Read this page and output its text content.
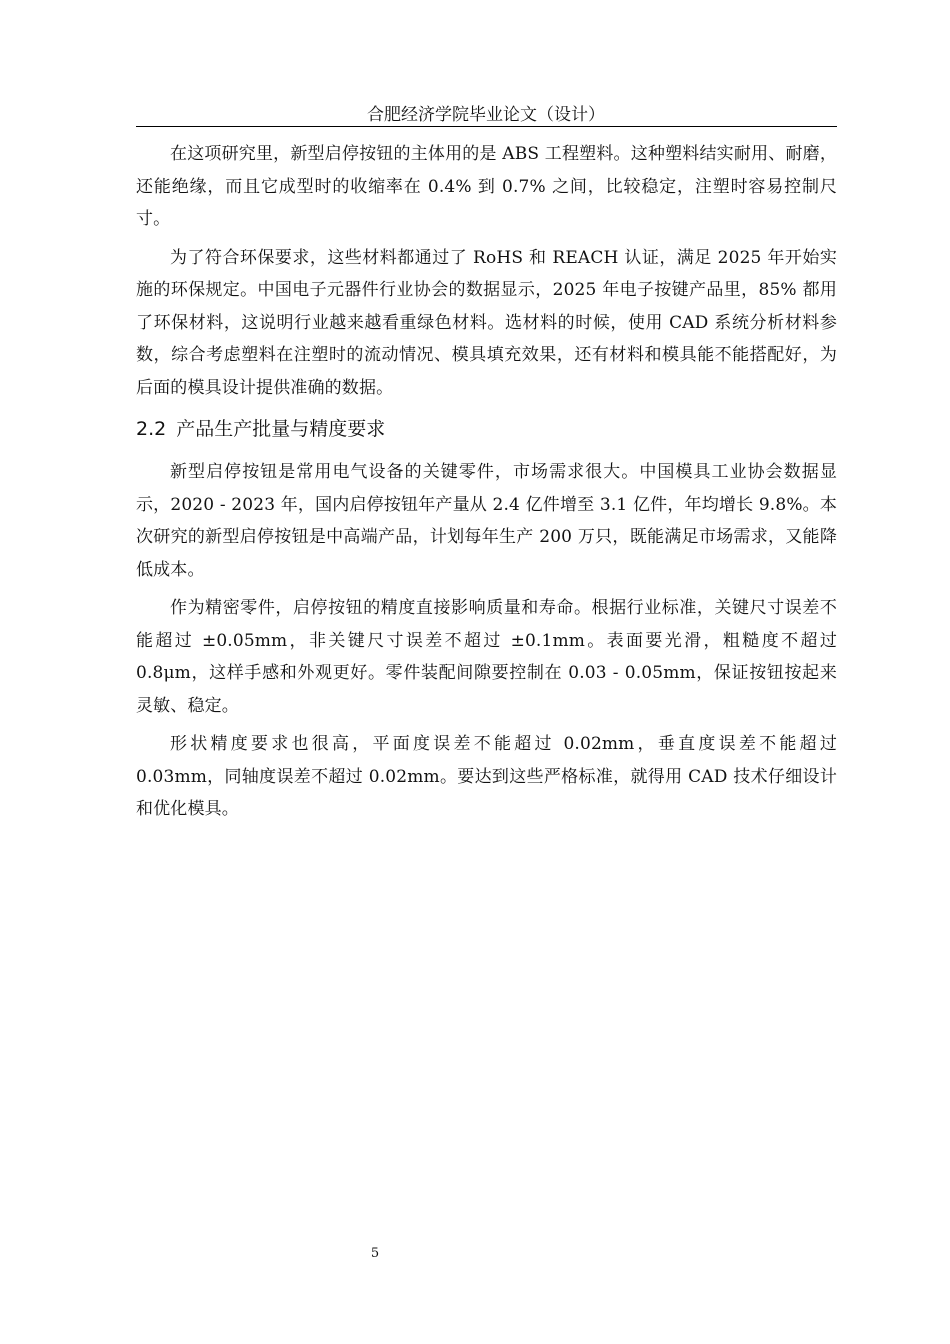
合肥经济学院毕业论文（设计）

在这项研究里，新型启停按钮的主体用的是 ABS 工程塑料。这种塑料结实耐用、耐磨，还能绝缘，而且它成型时的收缩率在 0.4% 到 0.7% 之间，比较稳定，注塑时容易控制尺寸。

为了符合环保要求，这些材料都通过了 RoHS 和 REACH 认证，满足 2025 年开始实施的环保规定。中国电子元器件行业协会的数据显示，2025 年电子按键产品里，85% 都用了环保材料，这说明行业越来越看重绿色材料。选材料的时候，使用 CAD 系统分析材料参数，综合考虑塑料在注塑时的流动情况、模具填充效果，还有材料和模具能不能搭配好，为后面的模具设计提供准确的数据。

2.2 产品生产批量与精度要求

新型启停按钮是常用电气设备的关键零件，市场需求很大。中国模具工业协会数据显示，2020 - 2023 年，国内启停按钮年产量从 2.4 亿件增至 3.1 亿件，年均增长 9.8%。本次研究的新型启停按钮是中高端产品，计划每年生产 200 万只，既能满足市场需求，又能降低成本。

作为精密零件，启停按钮的精度直接影响质量和寿命。根据行业标准，关键尺寸误差不能超过 ±0.05mm，非关键尺寸误差不超过 ±0.1mm。表面要光滑，粗糙度不超过 0.8μm，这样手感和外观更好。零件装配间隙要控制在 0.03 - 0.05mm，保证按钮按起来灵敏、稳定。

形状精度要求也很高，平面度误差不能超过 0.02mm，垂直度误差不能超过 0.03mm，同轴度误差不超过 0.02mm。要达到这些严格标准，就得用 CAD 技术仔细设计和优化模具。

5
